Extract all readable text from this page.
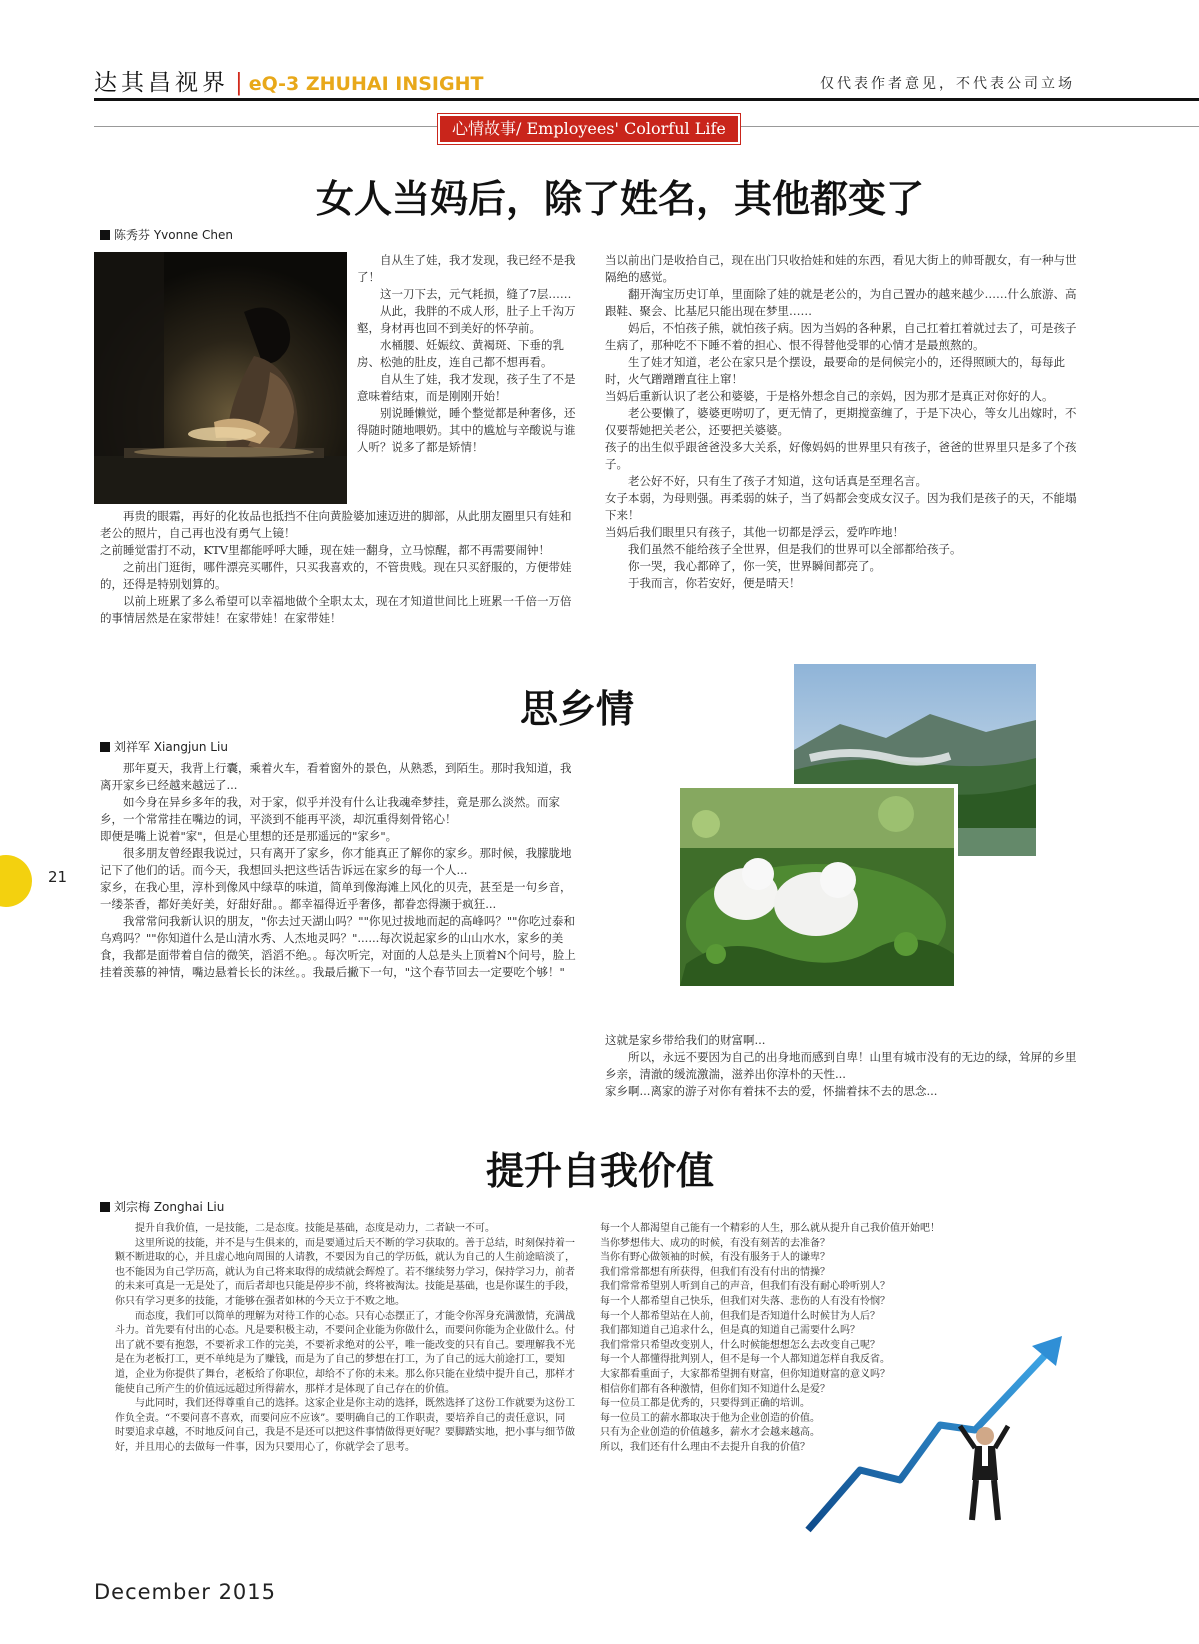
达其昌视界 | eQ-3 ZHUHAI INSIGHT	仅代表作者意见，不代表公司立场
心情故事/ Employees' Colorful Life
女人当妈后，除了姓名，其他都变了
陈秀芬 Yvonne Chen

自从生了娃，我才发现，我已经不是我了！

这一刀下去，元气耗损，缝了7层……

从此，我胖的不成人形，肚子上千沟万壑，身材再也回不到美好的怀孕前。

水桶腰、妊娠纹、黄褐斑、下垂的乳房、松弛的肚皮，连自己都不想再看。

自从生了娃，我才发现，孩子生了不是意味着结束，而是刚刚开始！

别说睡懒觉，睡个整觉都是种奢侈，还得随时随地喂奶。其中的尴尬与辛酸说与谁人听？说多了都是矫情！

再贵的眼霜，再好的化妆品也抵挡不住向黄脸婆加速迈进的脚部，从此朋友圈里只有娃和老公的照片，自己再也没有勇气上镜！

之前睡觉雷打不动，KTV里都能呼呼大睡，现在娃一翻身，立马惊醒，都不再需要闹钟！

之前出门逛街，哪件漂亮买哪件，只买我喜欢的，不管贵贱。现在只买舒服的，方便带娃的，还得是特别划算的。

以前上班累了多么希望可以幸福地做个全职太太，现在才知道世间比上班累一千倍一万倍的事情居然是在家带娃！在家带娃！在家带娃！

当以前出门是收拾自己，现在出门只收拾娃和娃的东西，看见大街上的帅哥靓女，有一种与世隔绝的感觉。

翻开淘宝历史订单，里面除了娃的就是老公的，为自己置办的越来越少……什么旅游、高跟鞋、聚会、比基尼只能出现在梦里……

妈后，不怕孩子熊，就怕孩子病。因为当妈的各种累，自己扛着扛着就过去了，可是孩子生病了，那种吃不下睡不着的担心、恨不得替他受罪的心情才是最煎熬的。

生了娃才知道，老公在家只是个摆设，最要命的是伺候完小的，还得照顾大的，每每此时，火气蹭蹭蹭直往上窜！

当妈后重新认识了老公和婆婆，于是格外想念自己的亲妈，因为那才是真正对你好的人。

老公要懒了，婆婆更唠叨了，更无情了，更期搅蛮缠了，于是下决心，等女儿出嫁时，不仅要帮她把关老公，还要把关婆婆。

孩子的出生似乎跟爸爸没多大关系，好像妈妈的世界里只有孩子，爸爸的世界里只是多了个孩子。

老公好不好，只有生了孩子才知道，这句话真是至理名言。

女子本弱，为母则强。再柔弱的妹子，当了妈都会变成女汉子。因为我们是孩子的天，不能塌下来！

当妈后我们眼里只有孩子，其他一切都是浮云，爱咋咋地！

我们虽然不能给孩子全世界，但是我们的世界可以全部都给孩子。

你一哭，我心都碎了，你一笑，世界瞬间都亮了。

于我而言，你若安好，便是晴天！

思乡情
刘祥军 Xiangjun Liu

那年夏天，我背上行囊，乘着火车，看着窗外的景色，从熟悉，到陌生。那时我知道，我离开家乡已经越来越远了...

如今身在异乡多年的我，对于家，似乎并没有什么让我魂牵梦挂，竟是那么淡然。而家乡，一个常常挂在嘴边的词，平淡到不能再平淡，却沉重得刻骨铭心！

即便是嘴上说着"家"，但是心里想的还是那遥远的"家乡"。

很多朋友曾经跟我说过，只有离开了家乡，你才能真正了解你的家乡。那时候，我朦胧地记下了他们的话。而今天，我想回头把这些话告诉远在家乡的每一个人...

家乡，在我心里，淳朴到像风中绿草的味道，简单到像海滩上风化的贝壳，甚至是一句乡音，一缕茶香，都好美好美，好甜好甜。。都幸福得近乎奢侈，都眷恋得濒于疯狂...

我常常问我新认识的朋友，"你去过天湖山吗？""你见过拔地而起的高峰吗？""你吃过泰和乌鸡吗？""你知道什么是山清水秀、人杰地灵吗？"......每次说起家乡的山山水水，家乡的美食，我都是面带着自信的微笑，滔滔不绝。。每次听完，对面的人总是头上顶着N个问号，脸上挂着羡慕的神情，嘴边悬着长长的沫丝。。我最后撇下一句，"这个春节回去一定要吃个够！"

这就是家乡带给我们的财富啊...

所以，永远不要因为自己的出身地而感到自卑！山里有城市没有的无边的绿，耸屏的乡里乡亲，清澈的缓流激湍，滋养出你淳朴的天性...

家乡啊...离家的游子对你有着抹不去的爱，怀揣着抹不去的思念...

提升自我价值
刘宗梅 Zonghai Liu

提升自我价值，一是技能，二是态度。技能是基础，态度是动力，二者缺一不可。

这里所说的技能，并不是与生俱来的，而是要通过后天不断的学习获取的。善于总结，时刻保持着一颗不断进取的心，并且虚心地向周围的人请教，不要因为自己的学历低，就认为自己的人生前途暗淡了，也不能因为自己学历高，就认为自己将来取得的成绩就会辉煌了。若不继续努力学习，保持学习力，前者的未来可真是一无是处了，而后者却也只能是停步不前，终将被淘汰。技能是基础，也是你谋生的手段，你只有学习更多的技能，才能够在强者如林的今天立于不败之地。

而态度，我们可以简单的理解为对待工作的心态。只有心态摆正了，才能令你浑身充满激情，充满战斗力。首先要有付出的心态。凡是要积极主动，不要问企业能为你做什么，而要问你能为企业做什么。付出了就不要有抱怨，不要祈求工作的完美，不要祈求绝对的公平，唯一能改变的只有自己。要理解我不光是在为老板打工，更不单纯是为了赚钱，而是为了自己的梦想在打工，为了自己的远大前途打工，要知道，企业为你提供了舞台，老板给了你职位，却给不了你的未来。那么你只能在业绩中提升自己，那样才能使自己所产生的价值远远超过所得薪水，那样才是体现了自己存在的价值。

与此同时，我们还得尊重自己的选择。这家企业是你主动的选择，既然选择了这份工作就要为这份工作负全责。“不要问喜不喜欢，而要问应不应该”。要明确自己的工作职责，要培养自己的责任意识，同时要追求卓越，不时地反问自己，我是不是还可以把这件事情做得更好呢？要脚踏实地，把小事与细节做好，并且用心的去做每一件事，因为只要用心了，你就学会了思考。

每一个人都渴望自己能有一个精彩的人生，那么就从提升自己我价值开始吧！

当你梦想伟大、成功的时候，有没有刻苦的去准备？

当你有野心做领袖的时候，有没有服务于人的谦卑？

我们常常都想有所获得，但我们有没有付出的情操？

我们常常希望别人听到自己的声音，但我们有没有耐心聆听别人？

每一个人都希望自己快乐，但我们对失落、悲伤的人有没有怜悯？

每一个人都希望站在人前，但我们是否知道什么时候甘为人后？

我们都知道自己追求什么，但是真的知道自己需要什么吗？

我们常常只希望改变别人，什么时候能想想怎么去改变自己呢？

每一个人都懂得批判别人，但不是每一个人都知道怎样自我反省。

大家都看重面子，大家都希望拥有财富，但你知道财富的意义吗？

相信你们都有各种激情，但你们知不知道什么是爱？

每一位员工都是优秀的，只要得到正确的培训。

每一位员工的薪水都取决于他为企业创造的价值。

只有为企业创造的价值越多，薪水才会越来越高。

所以，我们还有什么理由不去提升自我的价值？

21
December 2015
